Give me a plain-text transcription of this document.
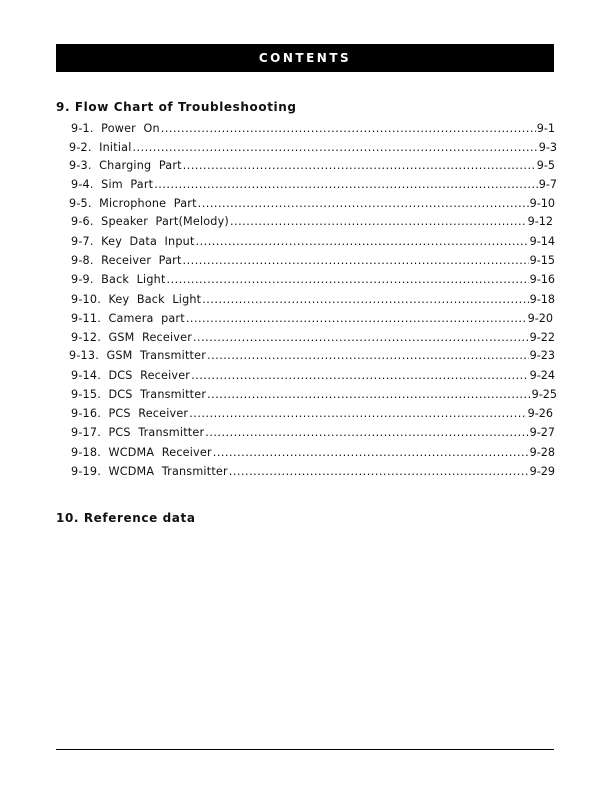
CONTENTS
9. Flow Chart of Troubleshooting
9-1.  Power  On .....	9-1
9-2.  Initial .....	9-3
9-3.  Charging  Part .....	9-5
9-4.  Sim  Part .....	9-7
9-5.  Microphone  Part .....	9-10
9-6.  Speaker  Part(Melody) .....	9-12
9-7.  Key  Data  Input .....	9-14
9-8.  Receiver  Part .....	9-15
9-9.  Back  Light .....	9-16
9-10.  Key  Back  Light .....	9-18
9-11.  Camera  part .....	9-20
9-12.  GSM  Receiver .....	9-22
9-13.  GSM  Transmitter .....	9-23
9-14.  DCS  Receiver .....	9-24
9-15.  DCS  Transmitter .....	9-25
9-16.  PCS  Receiver .....	9-26
9-17.  PCS  Transmitter .....	9-27
9-18.  WCDMA  Receiver .....	9-28
9-19.  WCDMA  Transmitter .....	9-29
10. Reference data
